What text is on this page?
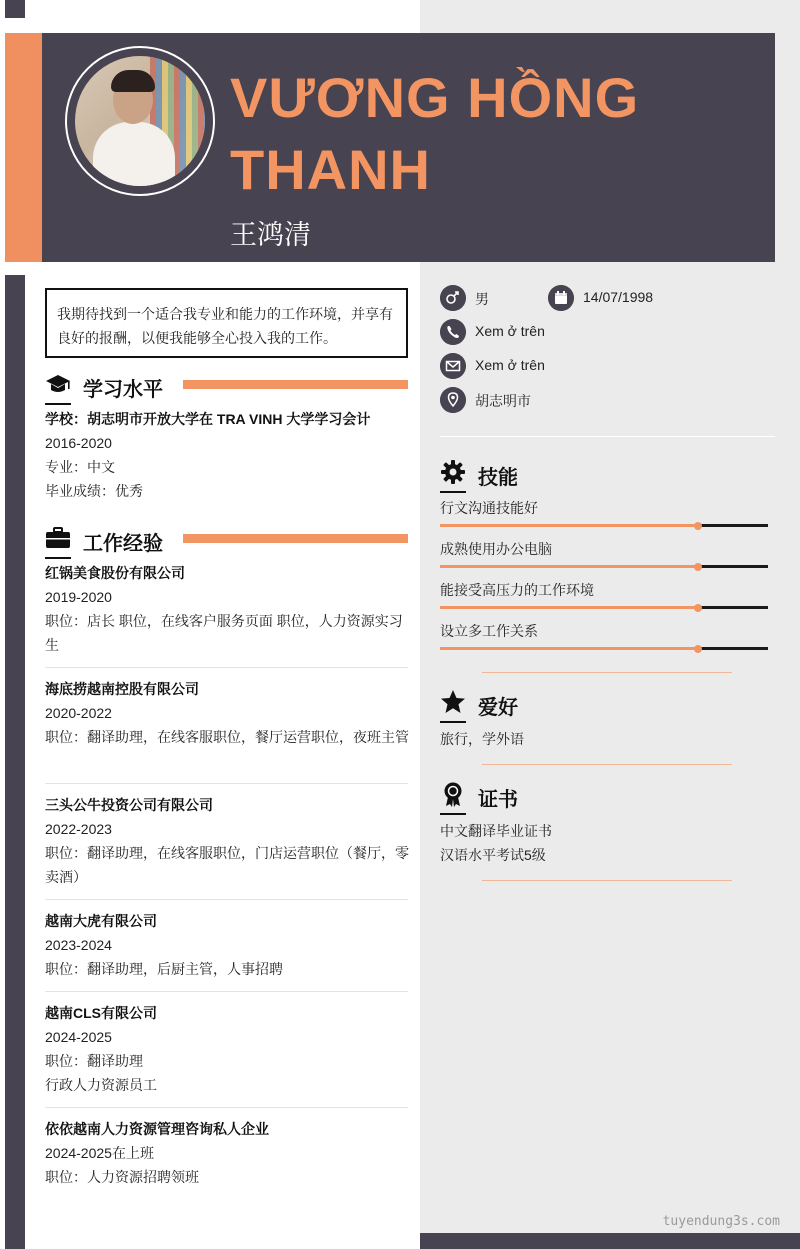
VƯƠNG HỒNG
THANH
王鸿清
我期待找到一个适合我专业和能力的工作环境，并享有良好的报酬，以便我能够全心投入我的工作。
学习水平
学校：胡志明市开放大学在 TRA VINH 大学学习会计
2016-2020
专业：中文
毕业成绩：优秀
工作经验
红锅美食股份有限公司
2019-2020
职位：店长 职位，在线客户服务页面 职位，人力资源实习生
海底捞越南控股有限公司
2020-2022
职位：翻译助理，在线客服职位，餐厅运营职位，夜班主管
三头公牛投资公司有限公司
2022-2023
职位：翻译助理，在线客服职位，门店运营职位（餐厅，零卖酒）
越南大虎有限公司
2023-2024
职位：翻译助理，后厨主管，人事招聘
越南CLS有限公司
2024-2025
职位：翻译助理
行政人力资源员工
依依越南人力资源管理咨询私人企业
2024-2025在上班
职位：人力资源招聘领班
男	14/07/1998
Xem ở trên
Xem ở trên
胡志明市
技能
行文沟通技能好
成熟使用办公电脑
能接受高压力的工作环境
设立多工作关系
爱好
旅行，学外语
证书
中文翻译毕业证书
汉语水平考试5级
tuyendung3s.com
